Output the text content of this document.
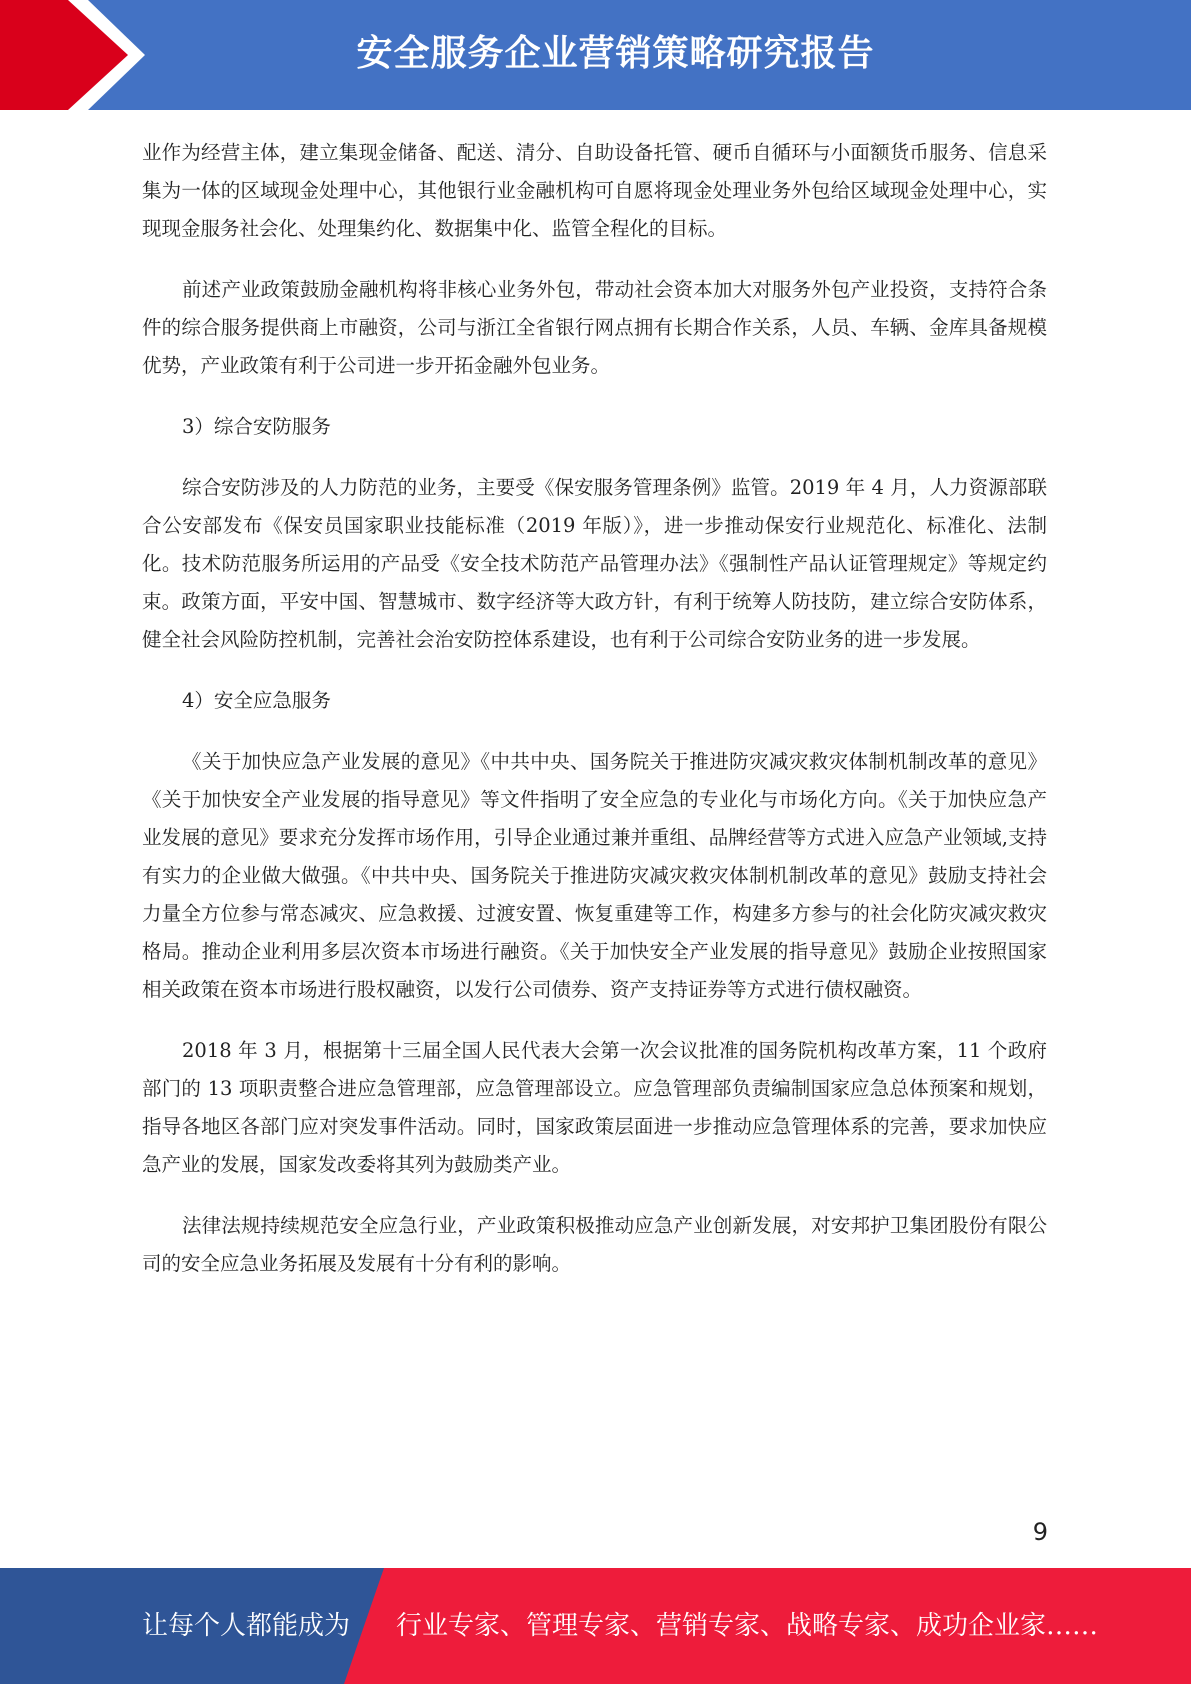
安全服务企业营销策略研究报告

业作为经营主体，建立集现金储备、配送、清分、自助设备托管、硬币自循环与小面额货币服务、信息采集为一体的区域现金处理中心，其他银行业金融机构可自愿将现金处理业务外包给区域现金处理中心，实现现金服务社会化、处理集约化、数据集中化、监管全程化的目标。

前述产业政策鼓励金融机构将非核心业务外包，带动社会资本加大对服务外包产业投资，支持符合条件的综合服务提供商上市融资，公司与浙江全省银行网点拥有长期合作关系，人员、车辆、金库具备规模优势，产业政策有利于公司进一步开拓金融外包业务。

3）综合安防服务

综合安防涉及的人力防范的业务，主要受《保安服务管理条例》监管。2019 年 4 月，人力资源部联合公安部发布《保安员国家职业技能标准（2019 年版）》，进一步推动保安行业规范化、标准化、法制化。技术防范服务所运用的产品受《安全技术防范产品管理办法》《强制性产品认证管理规定》等规定约束。政策方面，平安中国、智慧城市、数字经济等大政方针，有利于统筹人防技防，建立综合安防体系，健全社会风险防控机制，完善社会治安防控体系建设，也有利于公司综合安防业务的进一步发展。

4）安全应急服务

《关于加快应急产业发展的意见》《中共中央、国务院关于推进防灾减灾救灾体制机制改革的意见》《关于加快安全产业发展的指导意见》等文件指明了安全应急的专业化与市场化方向。《关于加快应急产业发展的意见》要求充分发挥市场作用，引导企业通过兼并重组、品牌经营等方式进入应急产业领域,支持有实力的企业做大做强。《中共中央、国务院关于推进防灾减灾救灾体制机制改革的意见》鼓励支持社会力量全方位参与常态减灾、应急救援、过渡安置、恢复重建等工作，构建多方参与的社会化防灾减灾救灾格局。推动企业利用多层次资本市场进行融资。《关于加快安全产业发展的指导意见》鼓励企业按照国家相关政策在资本市场进行股权融资，以发行公司债券、资产支持证券等方式进行债权融资。

2018 年 3 月，根据第十三届全国人民代表大会第一次会议批准的国务院机构改革方案，11 个政府部门的 13 项职责整合进应急管理部，应急管理部设立。应急管理部负责编制国家应急总体预案和规划，指导各地区各部门应对突发事件活动。同时，国家政策层面进一步推动应急管理体系的完善，要求加快应急产业的发展，国家发改委将其列为鼓励类产业。

法律法规持续规范安全应急行业，产业政策积极推动应急产业创新发展，对安邦护卫集团股份有限公司的安全应急业务拓展及发展有十分有利的影响。

9
让每个人都能成为 行业专家、管理专家、营销专家、战略专家、成功企业家……
